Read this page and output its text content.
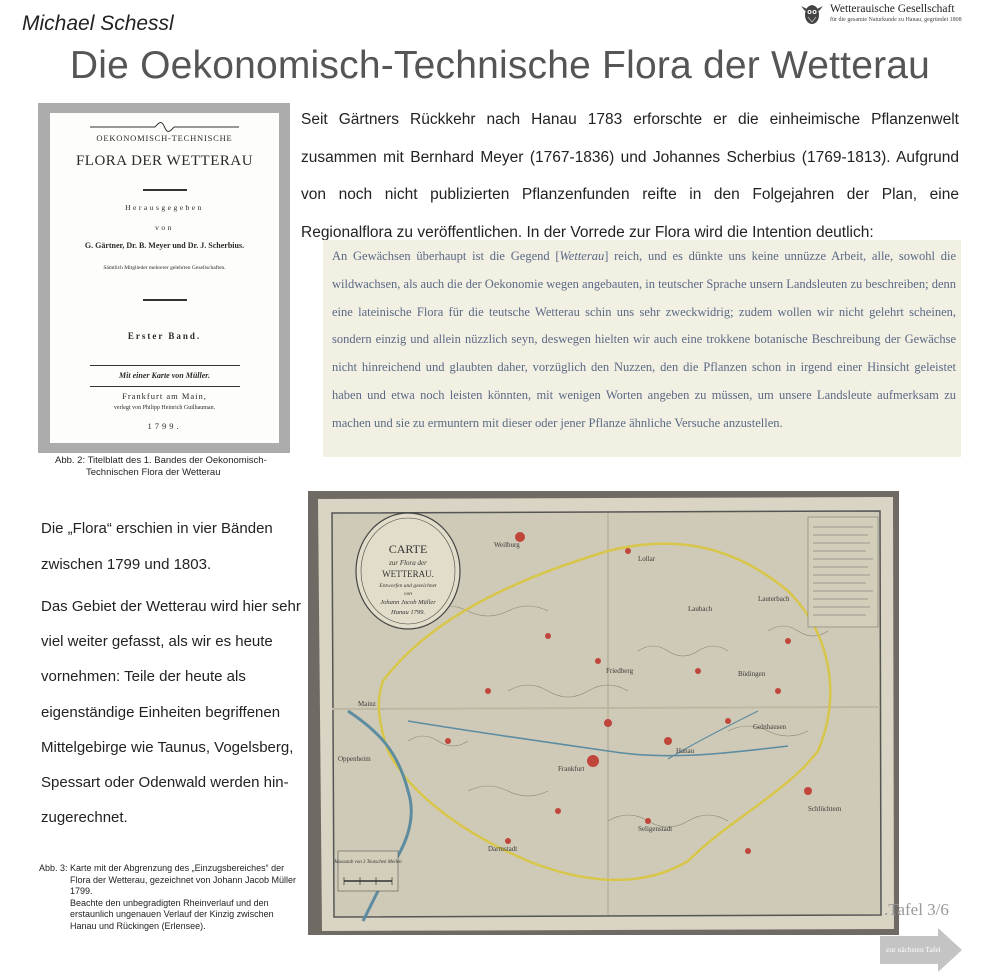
Michael Schessl
Wetterauische Gesellschaft
für die gesamte Naturkunde zu Hanau, gegründet 1808
Die Oekonomisch-Technische Flora der Wetterau
OEKONOMISCH-TECHNISCHE
FLORA DER WETTERAU
Herausgegeben
von
G. Gärtner, Dr. B. Meyer und Dr. J. Scherbius.
Sämtlich Mitglieder mehrerer gelehrten Gesellschaften.
Erster Band.
Mit einer Karte von Müller.
Frankfurt am Main,
verlegt von Philipp Heinrich Guilhauman.
1799.
Abb. 2: Titelblatt des 1. Bandes der Oekonomisch-
Technischen Flora der Wetterau
Seit Gärtners Rückkehr nach Hanau 1783 erforschte er die einheimische Pflanzenwelt zusammen mit Bernhard Meyer (1767-1836) und Johannes Scherbius (1769-1813). Aufgrund von noch nicht publizierten Pflanzenfunden reifte in den Folgejahren der Plan, eine Regionalflora zu veröffentlichen. In der Vorrede zur Flora wird die Intention deutlich:

An Gewächsen überhaupt ist die Gegend [Wetterau] reich, und es dünkte uns keine unnüzze Arbeit, alle, sowohl die wildwachsen, als auch die der Oekonomie wegen angebauten, in teutscher Sprache unsern Landsleuten zu beschreiben; denn eine lateinische Flora für die teutsche Wetterau schin uns sehr zweckwidrig; zudem wollen wir nicht gelehrt scheinen, sondern einzig und allein nüzzlich seyn, deswegen hielten wir auch eine trokkene botanische Beschreibung der Gewächse nicht hinreichend und glaubten daher, vorzüglich den Nuzzen, den die Pflanzen schon in irgend einer Hinsicht geleistet haben und etwa noch leisten könnten, mit wenigen Worten angeben zu müssen, um unsere Landsleute aufmerksam zu machen und sie zu ermuntern mit dieser oder jener Pflanze ähnliche Versuche anzustellen.

Die „Flora“ erschien in vier Bänden zwischen 1799 und 1803.
Das Gebiet der Wetterau wird hier sehr viel weiter gefasst, als wir es heute vornehmen: Teile der heute als eigenständige Einheiten begriffenen Mittelgebirge wie Taunus, Vogelsberg, Spessart oder Odenwald werden hin-zugerechnet.
Abb. 3: Karte mit der Abgrenzung des „Einzugsbereiches“ der
Flora der Wetterau, gezeichnet von Johann Jacob Müller
1799.
Beachte den unbegradigten Rheinverlauf und den
erstaunlich ungenauen Verlauf der Kinzig zwischen
Hanau und Rückingen (Erlensee).
Lauterbach
Büdingen
Gelnhausen
Weilburg
Mainz
Oppenheim
Darmstadt
Seligenstadt
Schlüchtern
Lollar
Laubach
Frankfurt
Hanau
Friedberg
CARTE
zur Flora der
WETTERAU.
Entworfen und gezeichnet
von
Johann Jacob Müller
Hanau 1799.
Massstab von 3 Teutschen Meilen
.Tafel 3/6
zur nächsten Tafel
